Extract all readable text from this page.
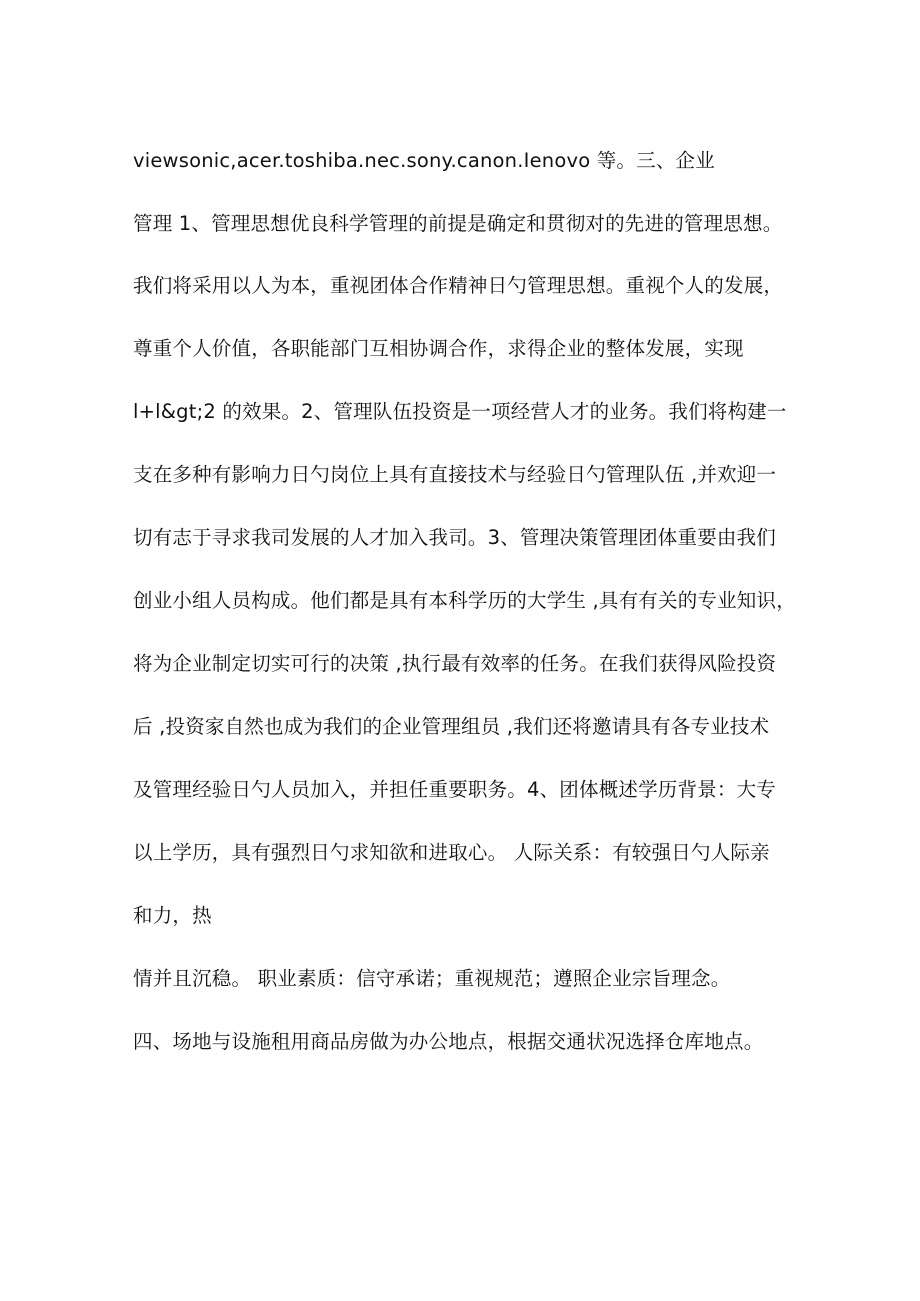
viewsonic,acer.toshiba.nec.sony.canon.Ienovo 等。三、企业
管理 1、管理思想优良科学管理的前提是确定和贯彻对的先进的管理思想。
我们将采用以人为本，重视团体合作精神日勺管理思想。重视个人的发展，
尊重个人价值，各职能部门互相协调合作，求得企业的整体发展，实现
l+l&gt;2 的效果。2、管理队伍投资是一项经营人才的业务。我们将构建一
支在多种有影响力日勺岗位上具有直接技术与经验日勺管理队伍 ,并欢迎一
切有志于寻求我司发展的人才加入我司。3、管理决策管理团体重要由我们
创业小组人员构成。他们都是具有本科学历的大学生 ,具有有关的专业知识，
将为企业制定切实可行的决策 ,执行最有效率的任务。在我们获得风险投资
后 ,投资家自然也成为我们的企业管理组员 ,我们还将邀请具有各专业技术
及管理经验日勺人员加入，并担任重要职务。4、团体概述学历背景：大专
以上学历，具有强烈日勺求知欲和进取心。 人际关系：有较强日勺人际亲
和力，热
情并且沉稳。 职业素质：信守承诺；重视规范；遵照企业宗旨理念。
四、场地与设施租用商品房做为办公地点，根据交通状况选择仓库地点。
